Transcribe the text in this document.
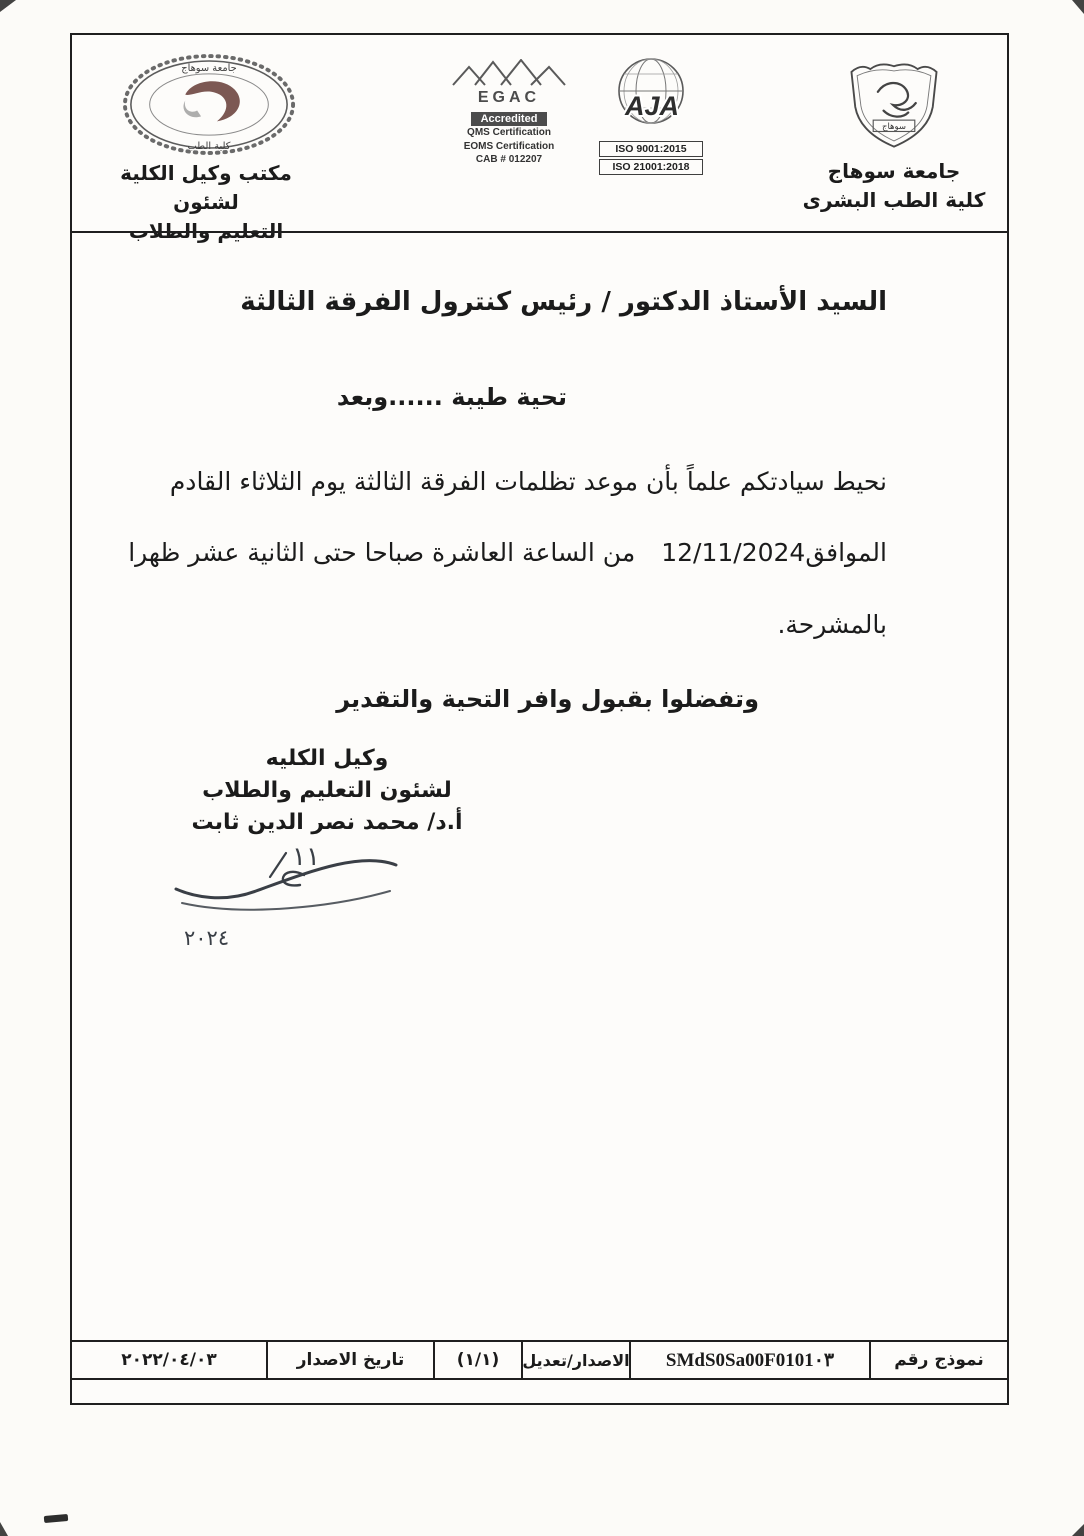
جامعة سوهاج
كلية الطب
مكتب وكيل الكلية لشئون
التعليم والطلاب
EGAC
Accredited
QMS Certification
EOMS Certification
CAB # 012207
AJA
ISO 9001:2015
ISO 21001:2018
سوهاج
جامعة سوهاج
كلية الطب البشرى
السيد الأستاذ الدكتور / رئيس كنترول الفرقة الثالثة
تحية طيبة ......وبعد
نحيط سيادتكم علماً بأن موعد تظلمات الفرقة الثالثة يوم الثلاثاء القادم
الموافق12/11/2024من الساعة العاشرة صباحا حتى الثانية عشر ظهرا
بالمشرحة.
وتفضلوا بقبول وافر التحية والتقدير
وكيل الكليه
لشئون التعليم والطلاب
أ.د/ محمد نصر الدين ثابت
١١
٢٠٢٤
نموذج رقم
SMdS0Sa00F0101٠٣
الاصدار/تعديل
(١/١)
تاريخ الاصدار
٢٠٢٢/٠٤/٠٣
